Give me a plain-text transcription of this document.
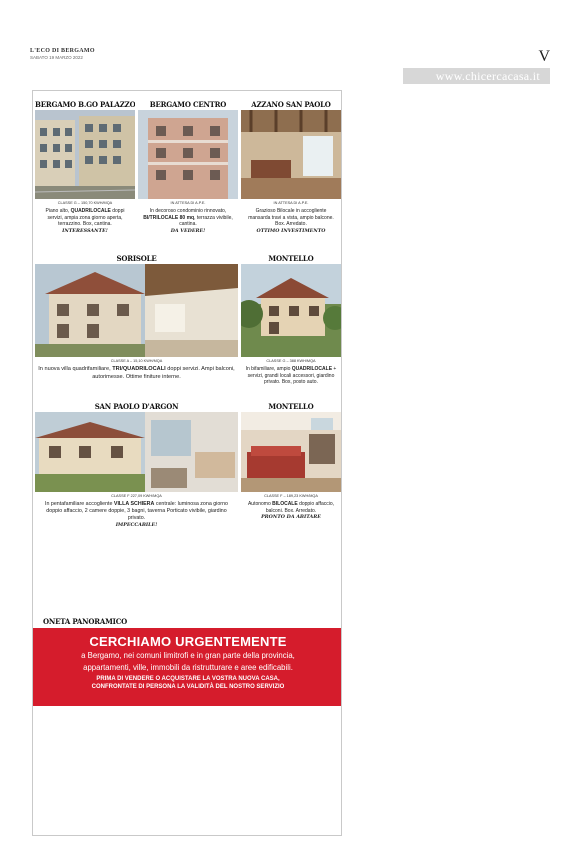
L'ECO DI BERGAMO
SABATO 19 MARZO 2022	V
www.chicercacasa.it
BERGAMO B.GO PALAZZO
CLASSE G – 150,70 KWH/MQA
Piano alto, QUADRILOCALE doppi servizi, ampia zona giorno aperta, terrazzino. Box, cantina.
INTERESSANTE!
BERGAMO CENTRO
IN ATTESA DI A.P.E.
In decoroso condominio rinnovato, BI/TRILOCALE 80 mq, terrazza vivibile, cantina.
DA VEDERE!
AZZANO SAN PAOLO
IN ATTESA DI A.P.E.
Grazioso Bilocale in accogliente mansarda travi a vista, ampio balcone. Box. Arredato.
OTTIMO INVESTIMENTO
SORISOLE
CLASSE A – 15,10 KWH/MQA
In nuova villa quadrifamiliare, TRI/QUADRILOCALI doppi servizi. Ampi balconi, autorimesse. Ottime finiture interne.
MONTELLO
CLASSE G – 388 KWH/MQA
In bifamiliare, ampio QUADRILOCALE + servizi, grandi locali accessori, giardino privato. Box, posto auto.
SAN PAOLO D'ARGON
CLASSE F 227,09 KWH/MQA
In pentafamiliare accogliente VILLA SCHIERA centrale: luminosa zona giorno doppio affaccio, 2 camere doppie, 3 bagni, taverna Porticato vivibile, giardino privato.
IMPECCABILE!
MONTELLO
CLASSE F – 189,23 KWH/MQA
Autonomo BILOCALE doppio affaccio, balconi. Box. Arredato.
PRONTO DA ABITARE
CERCHIAMO URGENTEMENTE
a Bergamo, nei comuni limitrofi e in gran parte della provincia,
appartamenti, ville, immobili da ristrutturare e aree edificabili.
PRIMA DI VENDERE O ACQUISTARE LA VOSTRA NUOVA CASA,
CONFRONTATE DI PERSONA LA VALIDITÀ DEL NOSTRO SERVIZIO
ONETA PANORAMICO
